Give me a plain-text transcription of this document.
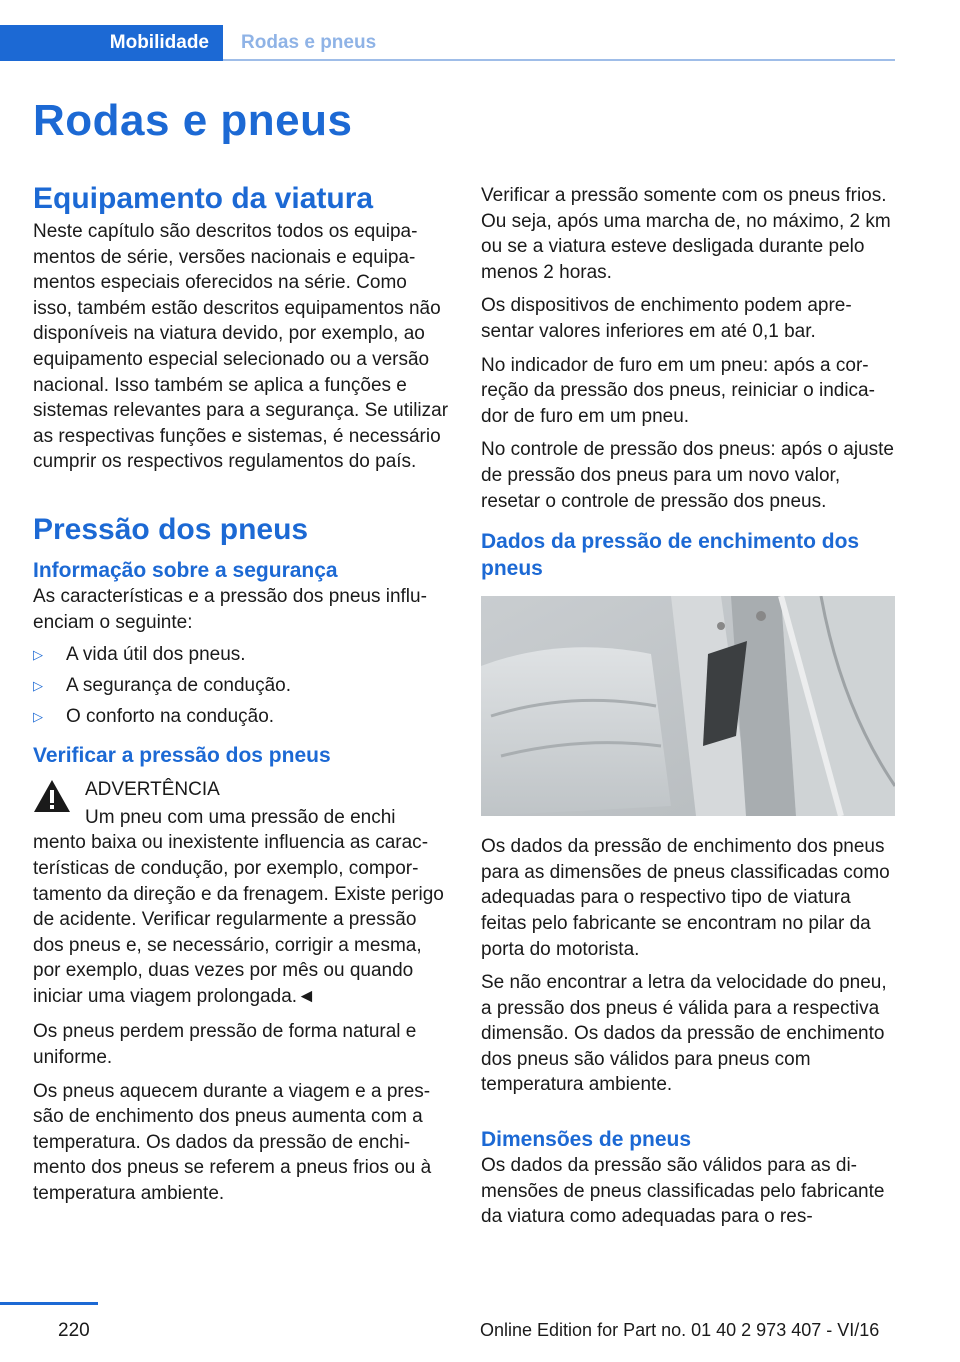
Mobilidade Rodas e pneus
Rodas e pneus
Equipamento da viatura

Neste capítulo são descritos todos os equipamentos de série, versões nacionais e equipamentos especiais oferecidos na série. Como isso, também estão descritos equipamentos não disponíveis na viatura devido, por exemplo, ao equipamento especial selecionado ou a versão nacional. Isso também se aplica a funções e sistemas relevantes para a segurança. Se utilizar as respectivas funções e sistemas, é necessário cumprir os respectivos regulamentos do país.

Pressão dos pneus
Informação sobre a segurança

As características e a pressão dos pneus influenciam o seguinte:

▷ A vida útil dos pneus.
▷ A segurança de condução.
▷ O conforto na condução.
Verificar a pressão dos pneus
ADVERTÊNCIA
Um pneu com uma pressão de enchi

mento baixa ou inexistente influencia as características de condução, por exemplo, comportamento da direção e da frenagem. Existe perigo de acidente. Verificar regularmente a pressão dos pneus e, se necessário, corrigir a mesma, por exemplo, duas vezes por mês ou quando iniciar uma viagem prolongada.◄

Os pneus perdem pressão de forma natural e uniforme.

Os pneus aquecem durante a viagem e a pressão de enchimento dos pneus aumenta com a temperatura. Os dados da pressão de enchimento dos pneus se referem a pneus frios ou à temperatura ambiente.

Verificar a pressão somente com os pneus frios. Ou seja, após uma marcha de, no máximo, 2 km ou se a viatura esteve desligada durante pelo menos 2 horas.

Os dispositivos de enchimento podem apresentar valores inferiores em até 0,1 bar.

No indicador de furo em um pneu: após a correção da pressão dos pneus, reiniciar o indicador de furo em um pneu.

No controle de pressão dos pneus: após o ajuste de pressão dos pneus para um novo valor, resetar o controle de pressão dos pneus.

Dados da pressão de enchimento dos pneus

Os dados da pressão de enchimento dos pneus para as dimensões de pneus classificadas como adequadas para o respectivo tipo de viatura feitas pelo fabricante se encontram no pilar da porta do motorista.

Se não encontrar a letra da velocidade do pneu, a pressão dos pneus é válida para a respectiva dimensão. Os dados da pressão de enchimento dos pneus são válidos para pneus com temperatura ambiente.

Dimensões de pneus

Os dados da pressão são válidos para as dimensões de pneus classificadas pelo fabricante da viatura como adequadas para o res-

220	Online Edition for Part no. 01 40 2 973 407 - VI/16
